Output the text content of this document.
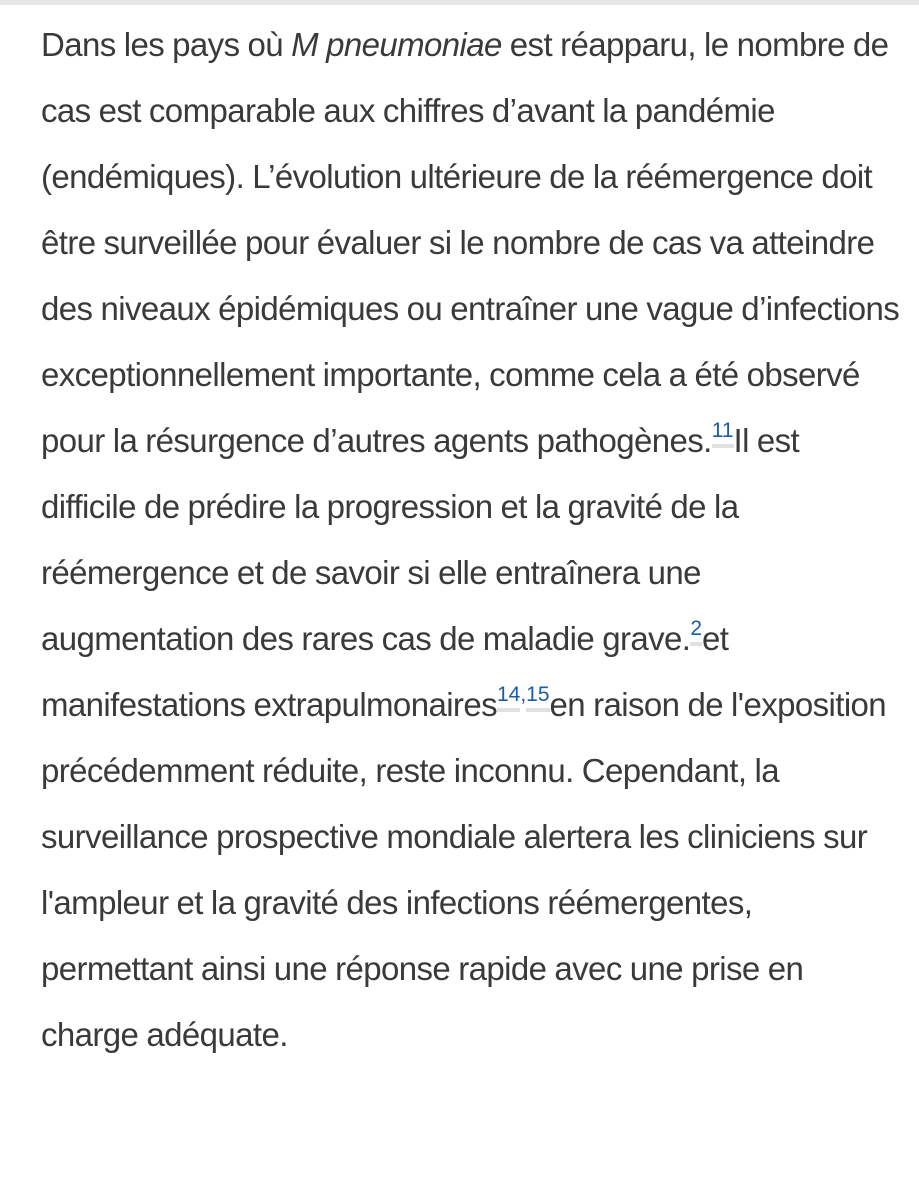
Dans les pays où M pneumoniae est réapparu, le nombre de cas est comparable aux chiffres d’avant la pandémie (endémiques). L’évolution ultérieure de la réémergence doit être surveillée pour évaluer si le nombre de cas va atteindre des niveaux épidémiques ou entraîner une vague d’infections exceptionnellement importante, comme cela a été observé pour la résurgence d’autres agents pathogènes.$^{11}$Il est difficile de prédire la progression et la gravité de la réémergence et de savoir si elle entraînera une augmentation des rares cas de maladie grave.$^2$et manifestations extrapulmonaires$^{14,15}$en raison de l'exposition précédemment réduite, reste inconnu. Cependant, la surveillance prospective mondiale alertera les cliniciens sur l'ampleur et la gravité des infections réémergentes, permettant ainsi une réponse rapide avec une prise en charge adéquate.
